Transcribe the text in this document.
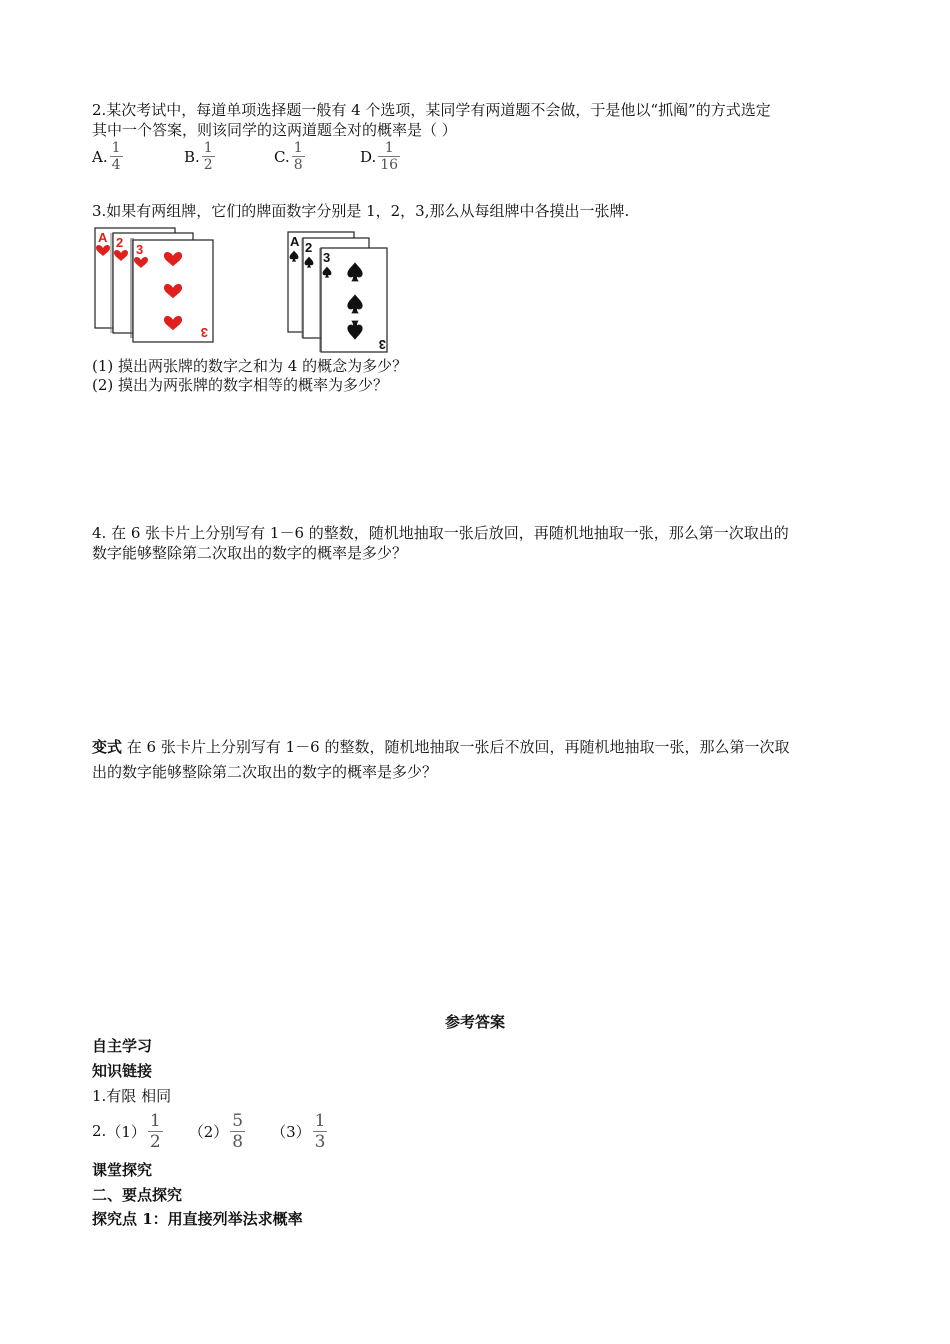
2.某次考试中，每道单项选择题一般有 4 个选项，某同学有两道题不会做，于是他以“抓阄”的方式选定
其中一个答案，则该同学的这两道题全对的概率是（ ）
A. $\frac{1}{4}$	B. $\frac{1}{2}$	C. $\frac{1}{8}$	D. $\frac{1}{16}$
3.如果有两组牌，它们的牌面数字分别是 1，2，3,那么从每组牌中各摸出一张牌.
A 2 3
3
A 2
3
3
(1) 摸出两张牌的数字之和为 4 的概念为多少？
(2) 摸出为两张牌的数字相等的概率为多少？
4. 在 6 张卡片上分别写有 1－6 的整数，随机地抽取一张后放回，再随机地抽取一张，那么第一次取出的
数字能够整除第二次取出的数字的概率是多少？
变式 在 6 张卡片上分别写有 1－6 的整数，随机地抽取一张后不放回，再随机地抽取一张，那么第一次取
出的数字能够整除第二次取出的数字的概率是多少？
参考答案
自主学习
知识链接
1.有限 相同
2. $(1) \frac{1}{2} (2) \frac{5}{8} (3) \frac{1}{3}$
课堂探究
二、要点探究
探究点 1：用直接列举法求概率
